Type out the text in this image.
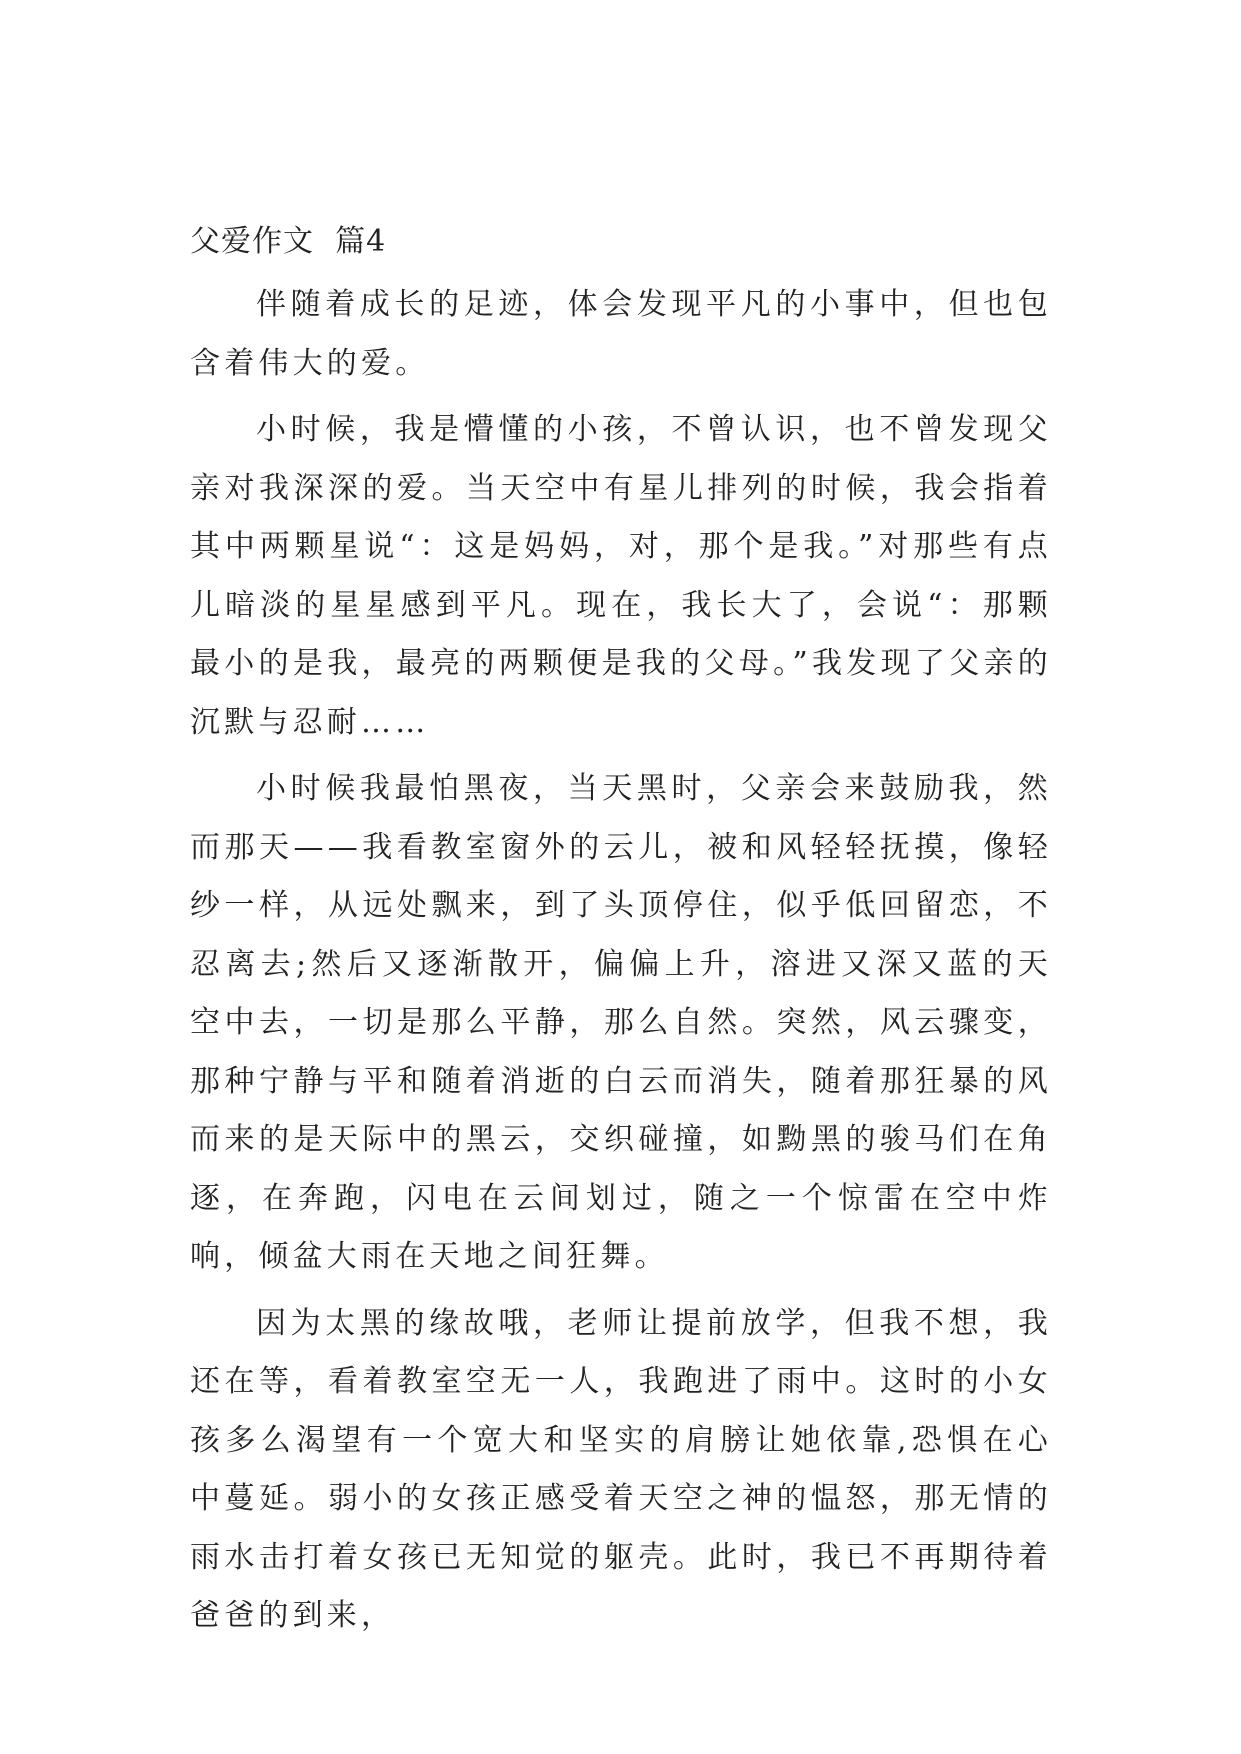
父爱作文  篇4

伴随着成长的足迹，体会发现平凡的小事中，但也包含着伟大的爱。

小时候，我是懵懂的小孩，不曾认识，也不曾发现父亲对我深深的爱。当天空中有星儿排列的时候，我会指着其中两颗星说“：这是妈妈，对，那个是我。”对那些有点儿暗淡的星星感到平凡。现在，我长大了，会说“：那颗最小的是我，最亮的两颗便是我的父母。”我发现了父亲的沉默与忍耐……

小时候我最怕黑夜，当天黑时，父亲会来鼓励我，然而那天——我看教室窗外的云儿，被和风轻轻抚摸，像轻纱一样，从远处飘来，到了头顶停住，似乎低回留恋，不忍离去;然后又逐渐散开，偏偏上升，溶进又深又蓝的天空中去，一切是那么平静，那么自然。突然，风云骤变，那种宁静与平和随着消逝的白云而消失，随着那狂暴的风而来的是天际中的黑云，交织碰撞，如黝黑的骏马们在角逐，在奔跑，闪电在云间划过，随之一个惊雷在空中炸响，倾盆大雨在天地之间狂舞。

因为太黑的缘故哦，老师让提前放学，但我不想，我还在等，看着教室空无一人，我跑进了雨中。这时的小女孩多么渴望有一个宽大和坚实的肩膀让她依靠,恐惧在心中蔓延。弱小的女孩正感受着天空之神的愠怒，那无情的雨水击打着女孩已无知觉的躯壳。此时，我已不再期待着爸爸的到来，
